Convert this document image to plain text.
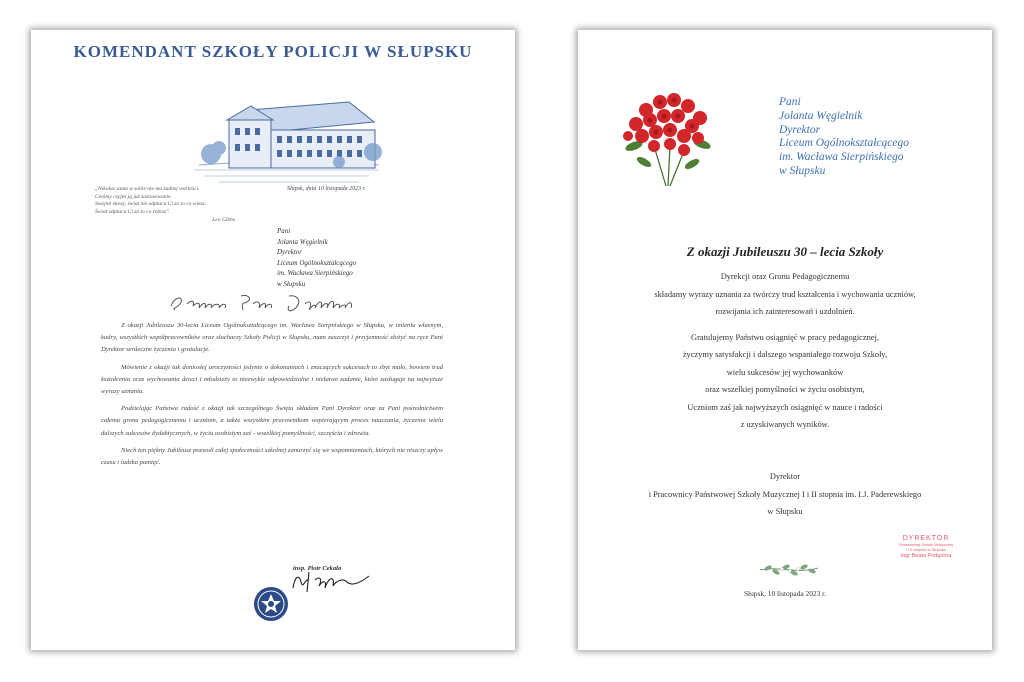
KOMENDANT SZKOŁY POLICJI W SŁUPSKU
„Nikołas sama w sobie nie ma żadnej wartości.
Cenimy czyjeś ją już zastosowanie.
Swojmi słowy, świat nie odpłaca Ci za to co wiesz.
Świat odpłaca Ci za to co robisz”.
Leo Gibbs
Słupsk, dnia 10 listopada 2023 r.
Pani
Jolanta Węgielnik
Dyrektor
Liceum Ogólnokształcącego
im. Wacława Sierpińskiego
w Słupsku

Z okazji Jubileuszu 30-lecia Liceum Ogólnokształcącego im. Wacława Sierpińskiego w Słupsku, w imieniu własnym, kadry, wszystkich współpracowników oraz słuchaczy Szkoły Policji w Słupsku, mam zaszczyt i przyjemność złożyć na ręce Pani Dyrektor serdeczne życzenia i gratulacje.

Mówienie z okazji tak doniosłej uroczystości jedynie o dokonaniach i znaczących sukcesach to zbyt mało, bowiem trud kształcenia oraz wychowania dzieci i młodzieży to niezwykle odpowiedzialne i niełatwe zadanie, które zasługuje na najwyższe wyrazy uznania.

Podzielając Państwa radość z okazji tak szczególnego Święta składam Pani Dyrektor oraz za Pani pośrednictwem całemu gronu pedagogicznemu i uczniom, a także wszystkim pracownikom wspierającym proces nauczania, życzenia wielu dalszych sukcesów dydaktycznych, w życiu osobistym zaś - wszelkiej pomyślności, szczęścia i zdrowia.

Niech ten piękny Jubileusz pozwoli całej społeczności szkolnej zanurzyć się we wspomnieniach, których nie niszczy upływ czasu i ludzka pamięć.

insp. Piotr Cekała
Pani
Jolanta Węgielnik
Dyrektor
Liceum Ogólnokształcącego
im. Wacława Sierpińskiego
w Słupsku
Z okazji Jubileuszu 30 – lecia Szkoły
Dyrekcji oraz Gronu Pedagogicznemu
składamy wyrazy uznania za twórczy trud kształcenia i wychowania uczniów,
rozwijania ich zainteresowań i uzdolnień.
Gratulujemy Państwu osiągnięć w pracy pedagogicznej,
życzymy satysfakcji i dalszego wspaniałego rozwoju Szkoły,
wielu sukcesów jej wychowanków
oraz wszelkiej pomyślności w życiu osobistym,
Uczniom zaś jak najwyższych osiągnięć w nauce i radości
z uzyskiwanych wyników.
Dyrektor
i Pracownicy Państwowej Szkoły Muzycznej I i II stopnia im. I.J. Paderewskiego
w Słupsku
DYREKTOR
Państwowej Szkoły Muzycznej
I i II stopnia w Słupsku
mgr Beata Podgórna
Słupsk, 10 listopada 2023 r.
